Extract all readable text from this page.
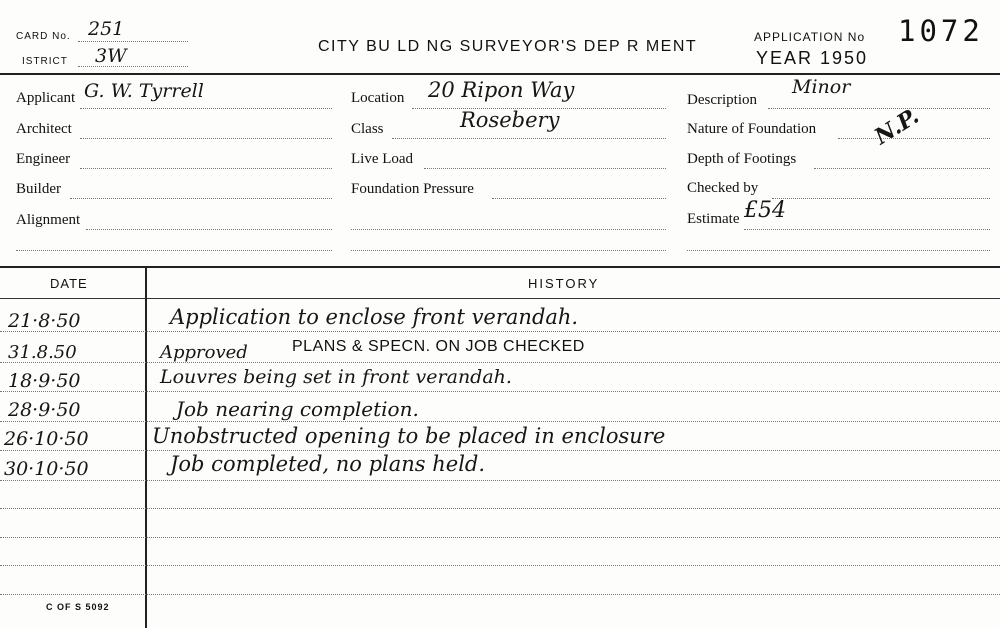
CARD No. 251
ISTRICT 3W	CITY BU LD NG SURVEYOR'S DEP R MENT
APPLICATION No 1072
YEAR 1950
Applicant G. W. Tyrrell
Architect
Engineer
Builder
Alignment
Location 20 Ripon Way
Class	Rosebery
Live Load
Foundation Pressure
Description
Minor
Nature of Foundation N.P.
Depth of Footings
Checked by
Estimate £54
DATE	HISTORY
21·8·50	Application to enclose front verandah.
31.8.50	Approved	PLANS & SPECN. ON JOB CHECKED
18·9·50	Louvres being set in front verandah.
28·9·50	Job nearing completion.
26·10·50	Unobstructed opening to be placed in enclosure
30·10·50	Job completed, no plans held.
C OF S 5092
